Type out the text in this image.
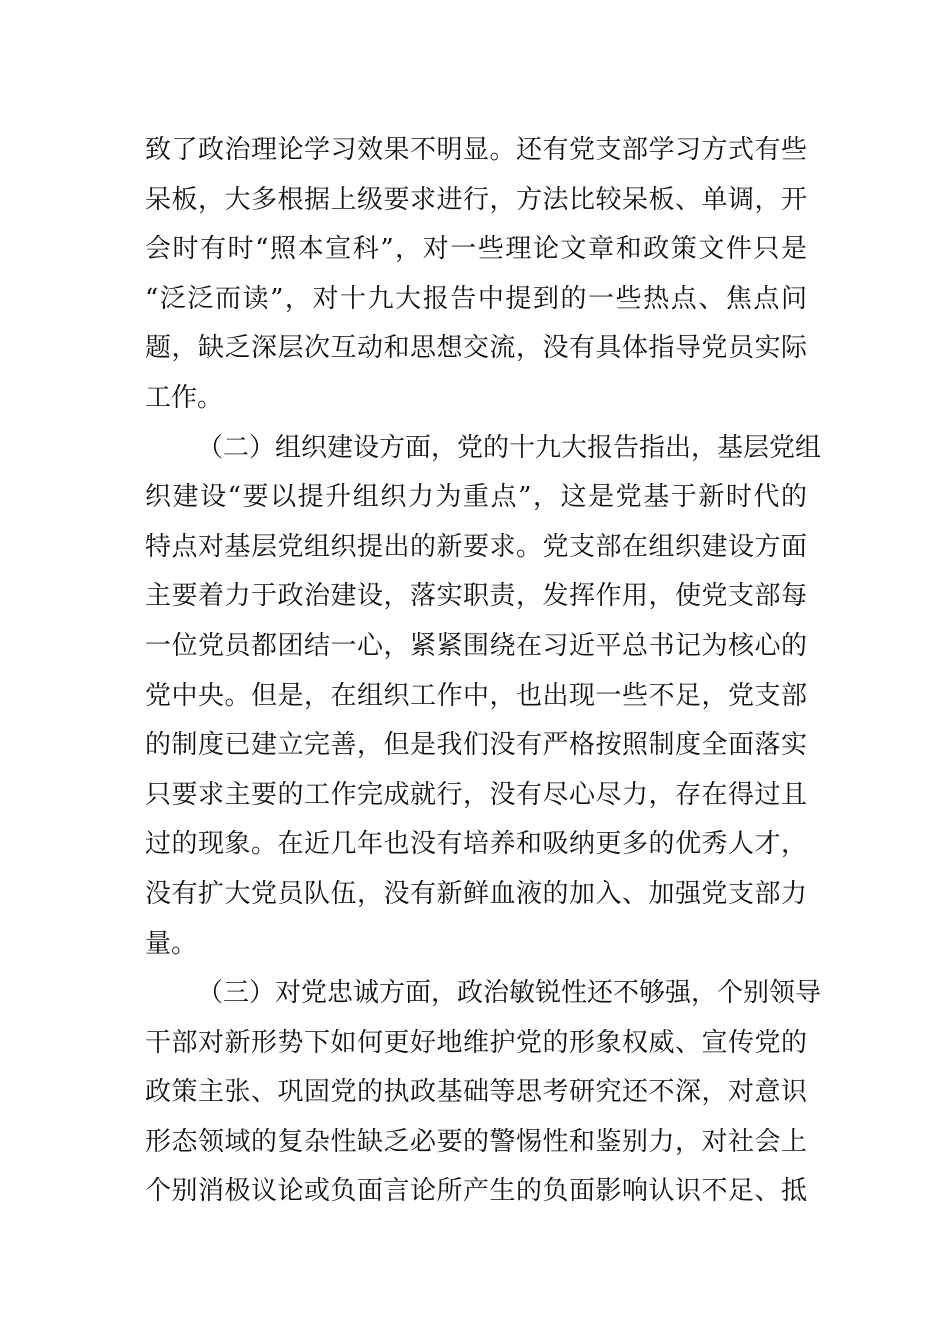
致了政治理论学习效果不明显。还有党支部学习方式有些
呆板，大多根据上级要求进行，方法比较呆板、单调，开
会时有时“照本宣科”，对一些理论文章和政策文件只是
“泛泛而读”，对十九大报告中提到的一些热点、焦点问
题，缺乏深层次互动和思想交流，没有具体指导党员实际
工作。
（二）组织建设方面，党的十九大报告指出，基层党组
织建设“要以提升组织力为重点”，这是党基于新时代的
特点对基层党组织提出的新要求。党支部在组织建设方面
主要着力于政治建设，落实职责，发挥作用，使党支部每
一位党员都团结一心，紧紧围绕在习近平总书记为核心的
党中央。但是，在组织工作中，也出现一些不足，党支部
的制度已建立完善，但是我们没有严格按照制度全面落实
只要求主要的工作完成就行，没有尽心尽力，存在得过且
过的现象。在近几年也没有培养和吸纳更多的优秀人才，
没有扩大党员队伍，没有新鲜血液的加入、加强党支部力
量。
（三）对党忠诚方面，政治敏锐性还不够强，个别领导
干部对新形势下如何更好地维护党的形象权威、宣传党的
政策主张、巩固党的执政基础等思考研究还不深，对意识
形态领域的复杂性缺乏必要的警惕性和鉴别力，对社会上
个别消极议论或负面言论所产生的负面影响认识不足、抵
